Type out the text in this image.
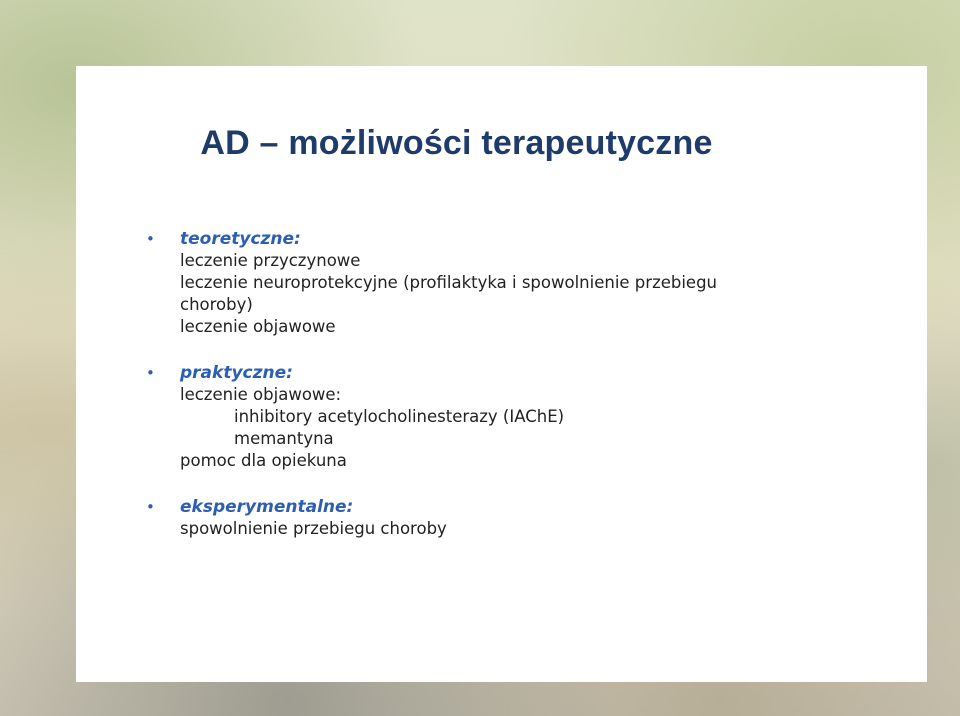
AD – możliwości terapeutyczne
• teoretyczne:
leczenie przyczynowe
leczenie neuroprotekcyjne (profilaktyka i spowolnienie przebiegu
choroby)
leczenie objawowe
• praktyczne:
leczenie objawowe:
inhibitory acetylocholinesterazy (IAChE)
memantyna
pomoc dla opiekuna
• eksperymentalne:
spowolnienie przebiegu choroby
